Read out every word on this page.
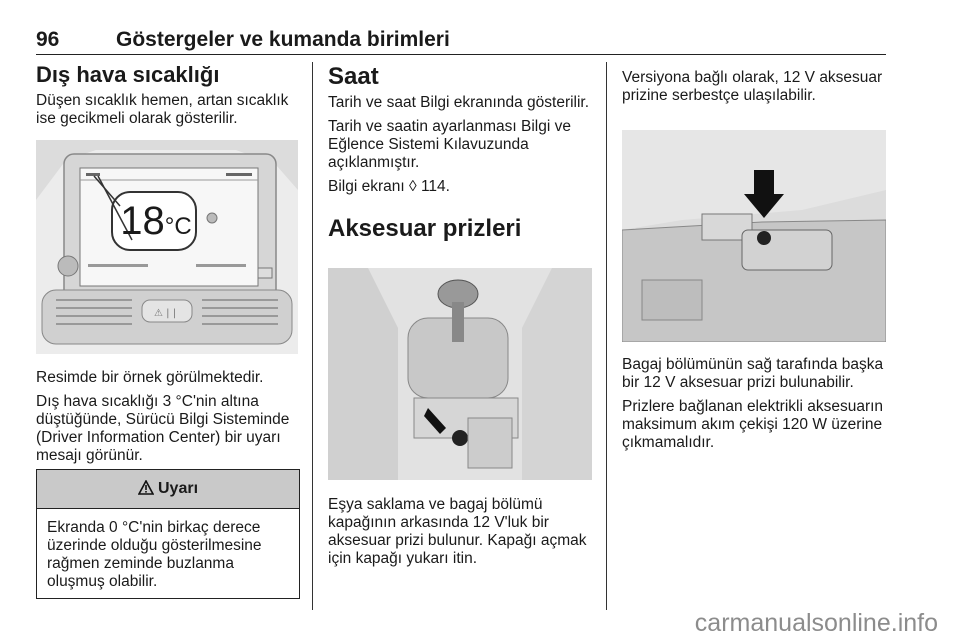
96	Göstergeler ve kumanda birimleri
Dış hava sıcaklığı

Düşen sıcaklık hemen, artan sıcaklık ise gecikmeli olarak gösterilir.

⚠ | |
18°C

Resimde bir örnek görülmektedir.

Dış hava sıcaklığı 3 °C'nin altına düştüğünde, Sürücü Bilgi Sisteminde (Driver Information Center) bir uyarı mesajı görünür.

Uyarı
Ekranda 0 °C'nin birkaç derece üzerinde olduğu gösterilmesine rağmen zeminde buzlanma oluşmuş olabilir.
Saat

Tarih ve saat Bilgi ekranında gösterilir.

Tarih ve saatin ayarlanması Bilgi ve Eğlence Sistemi Kılavuzunda açıklanmıştır.

Bilgi ekranı ◊ 114.

Aksesuar prizleri

Eşya saklama ve bagaj bölümü kapağının arkasında 12 V'luk bir aksesuar prizi bulunur. Kapağı açmak için kapağı yukarı itin.

Versiyona bağlı olarak, 12 V aksesuar prizine serbestçe ulaşılabilir.

Bagaj bölümünün sağ tarafında başka bir 12 V aksesuar prizi bulunabilir.

Prizlere bağlanan elektrikli aksesuarın maksimum akım çekişi 120 W üzerine çıkmamalıdır.

carmanualsonline.info
